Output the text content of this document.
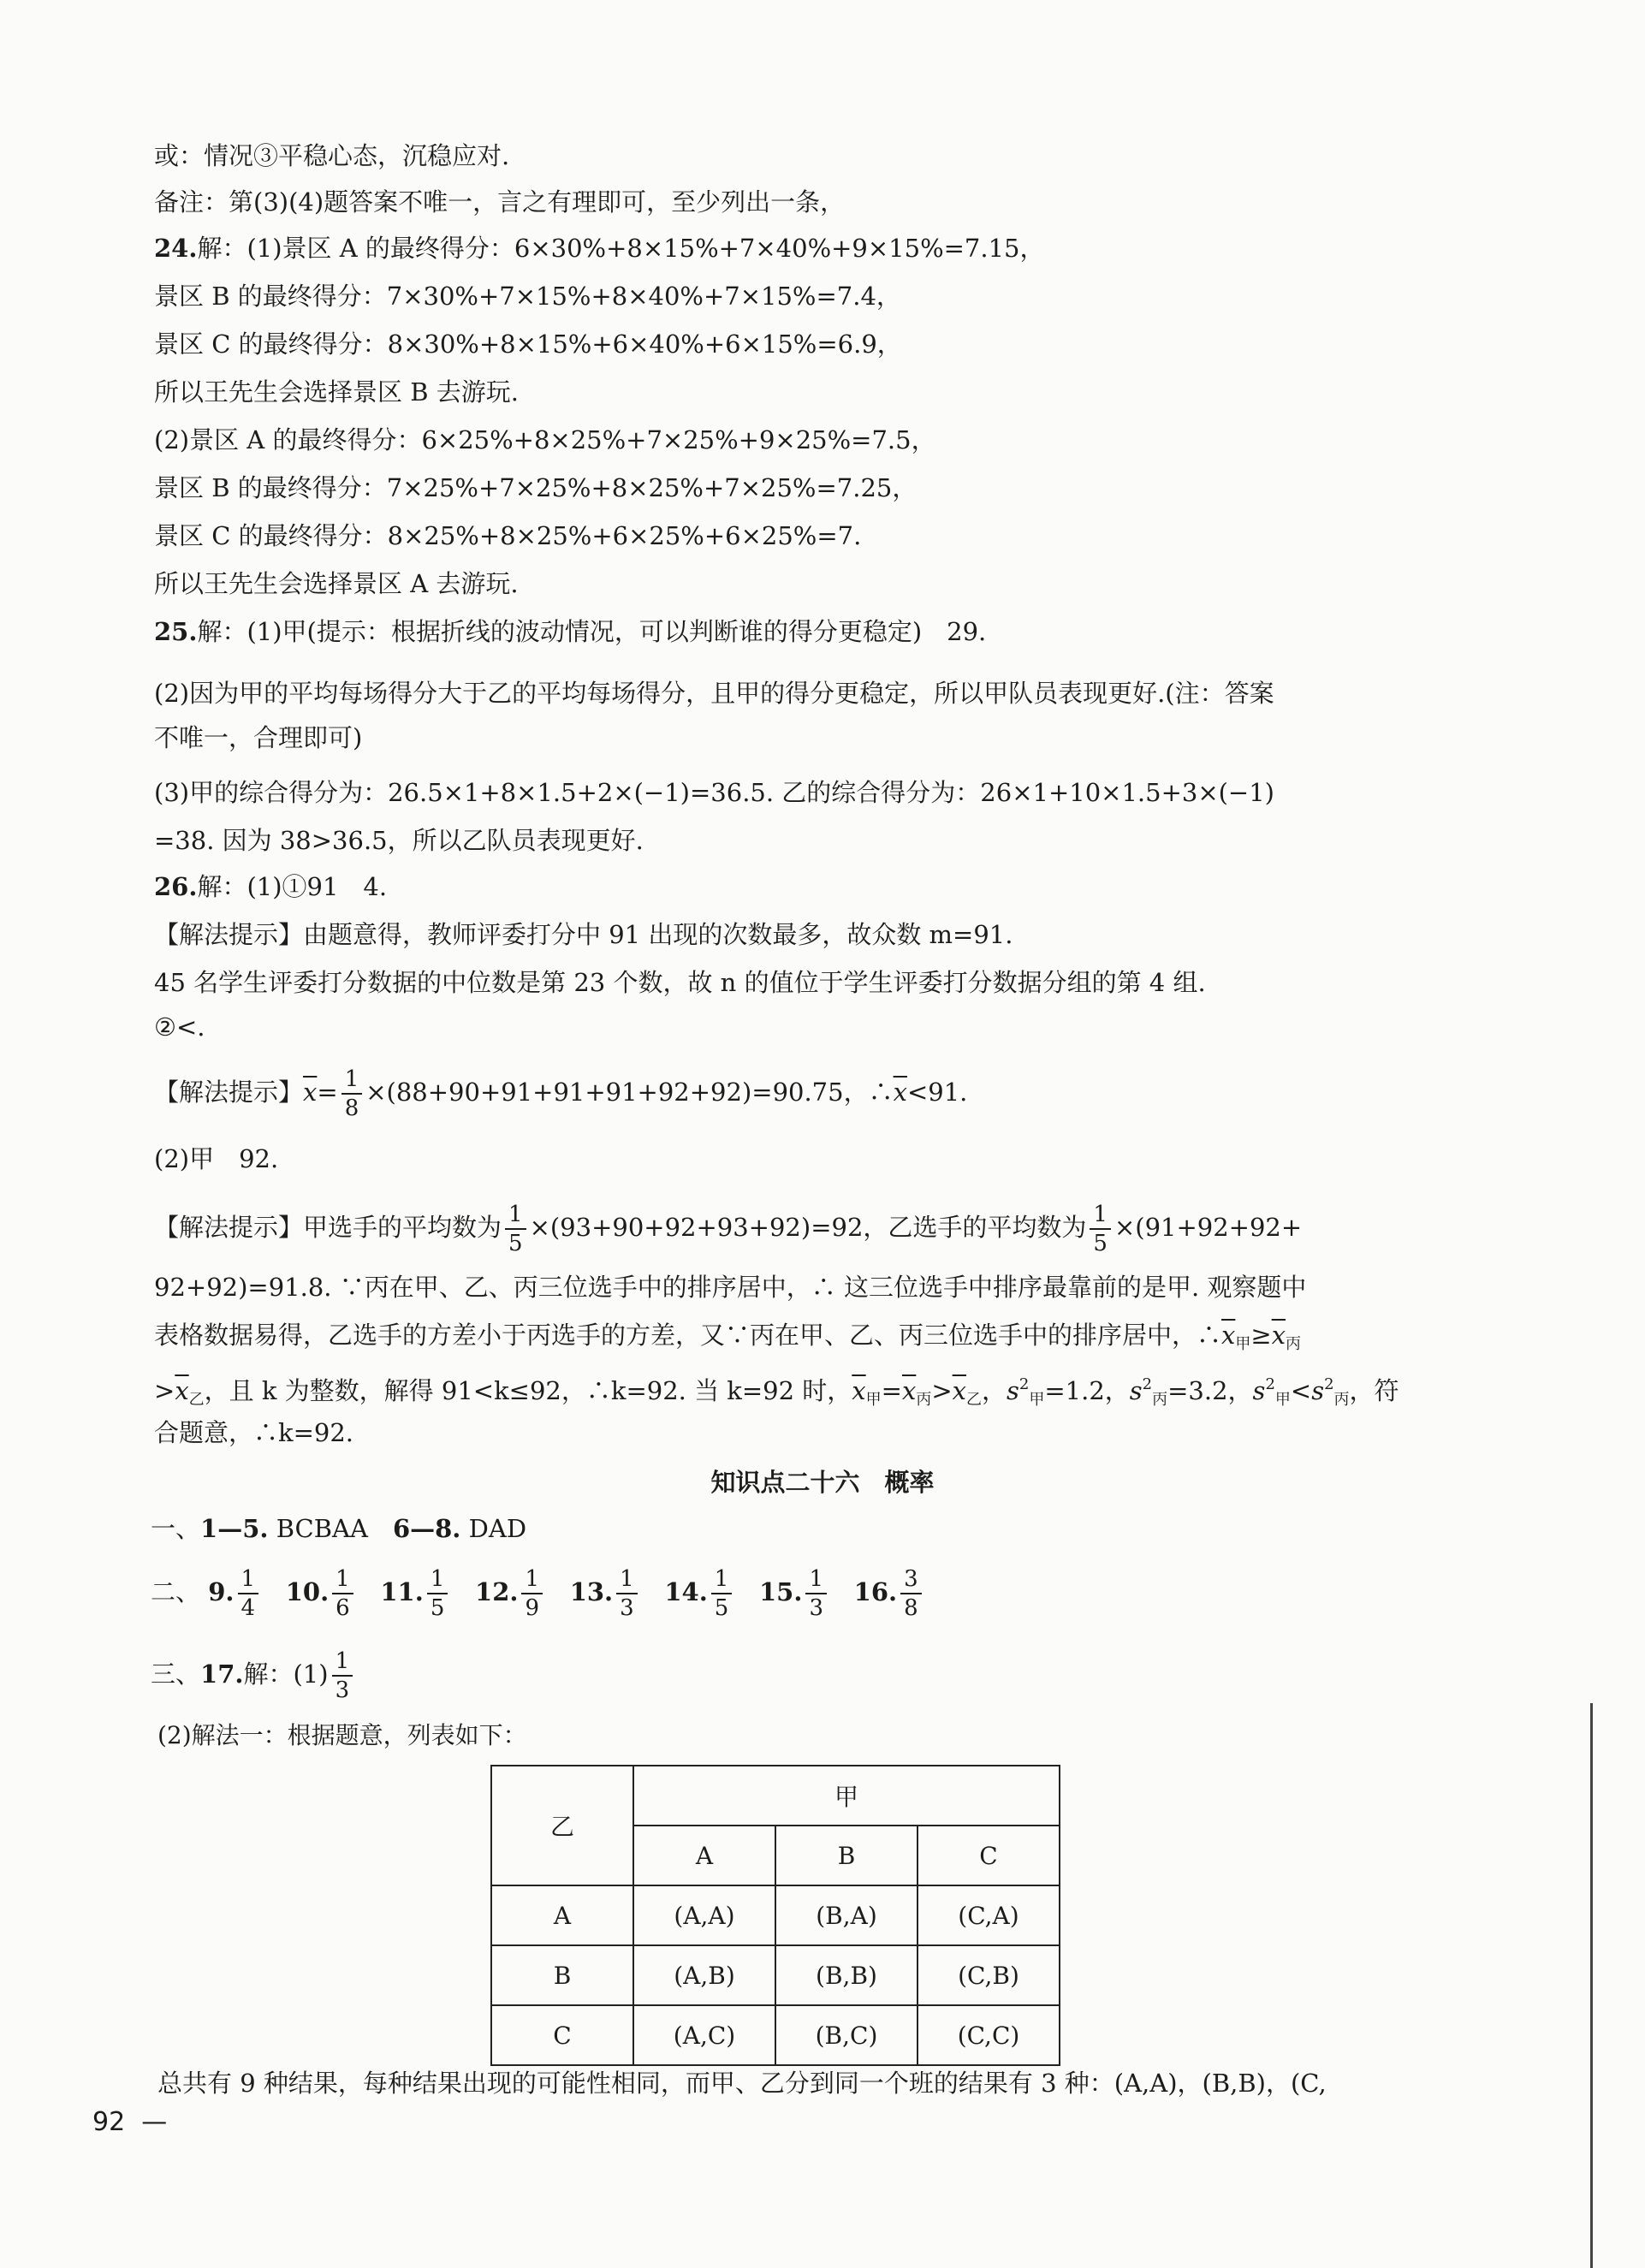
或：情况③平稳心态，沉稳应对.
备注：第(3)(4)题答案不唯一，言之有理即可，至少列出一条，
24.解：(1)景区 A 的最终得分：6×30%+8×15%+7×40%+9×15%=7.15，
景区 B 的最终得分：7×30%+7×15%+8×40%+7×15%=7.4，
景区 C 的最终得分：8×30%+8×15%+6×40%+6×15%=6.9，
所以王先生会选择景区 B 去游玩.
(2)景区 A 的最终得分：6×25%+8×25%+7×25%+9×25%=7.5，
景区 B 的最终得分：7×25%+7×25%+8×25%+7×25%=7.25，
景区 C 的最终得分：8×25%+8×25%+6×25%+6×25%=7.
所以王先生会选择景区 A 去游玩.
25.解：(1)甲(提示：根据折线的波动情况，可以判断谁的得分更稳定)　29.
(2)因为甲的平均每场得分大于乙的平均每场得分，且甲的得分更稳定，所以甲队员表现更好.(注：答案
不唯一，合理即可)
(3)甲的综合得分为：26.5×1+8×1.5+2×(−1)=36.5. 乙的综合得分为：26×1+10×1.5+3×(−1)
=38. 因为 38>36.5，所以乙队员表现更好.
26.解：(1)①91　4.
【解法提示】由题意得，教师评委打分中 91 出现的次数最多，故众数 m=91.
45 名学生评委打分数据的中位数是第 23 个数，故 n 的值位于学生评委打分数据分组的第 4 组.
②<.
【解法提示】$\overline{x}= \frac{1}{8} \times(88+90+91+91+91+92+92)=90.75$，$\therefore\overline{x}<91$.
(2)甲　92.
【解法提示】甲选手的平均数为 $\frac{1}{5} \times(93+90+92+93+92)=92$，乙选手的平均数为 $\frac{1}{5} \times(91+92+92+$
92+92)=91.8. ∵丙在甲、乙、丙三位选手中的排序居中，∴ 这三位选手中排序最靠前的是甲. 观察题中
表格数据易得，乙选手的方差小于丙选手的方差，又∵丙在甲、乙、丙三位选手中的排序居中，$\therefore\overline{x}_甲\ge\overline{x}_丙$
$>\overline{x}_乙$，且 k 为整数，解得 91<k≤92，∴k=92. 当 k=92 时，$\overline{x}_甲=\overline{x}_丙>\overline{x}_乙$，$s^2_甲=1.2$，$s^2_丙=3.2$，$s^2_甲<s^2_丙$，符
合题意，∴k=92.
知识点二十六　概率
一、1—5. BCBAA　 6—8. DAD
二、 9. $\frac{1}{4} 10$. $\frac{1}{6} 11$. $\frac{1}{5} 12$. $\frac{1}{9} 13$. $\frac{1}{3} 14$. $\frac{1}{5} 15$. $\frac{1}{3} 16$. $\frac{3}{8}$
三、17.解：$(1) \frac{1}{3}$
(2)解法一：根据题意，列表如下：
乙	甲		
	A	B	C
A	(A,A)	(B,A)	(C,A)
B	(A,B)	(B,B)	(C,B)
C	(A,C)	(B,C)	(C,C)
总共有 9 种结果，每种结果出现的可能性相同，而甲、乙分到同一个班的结果有 3 种：(A,A)，(B,B)，(C,
92 —
